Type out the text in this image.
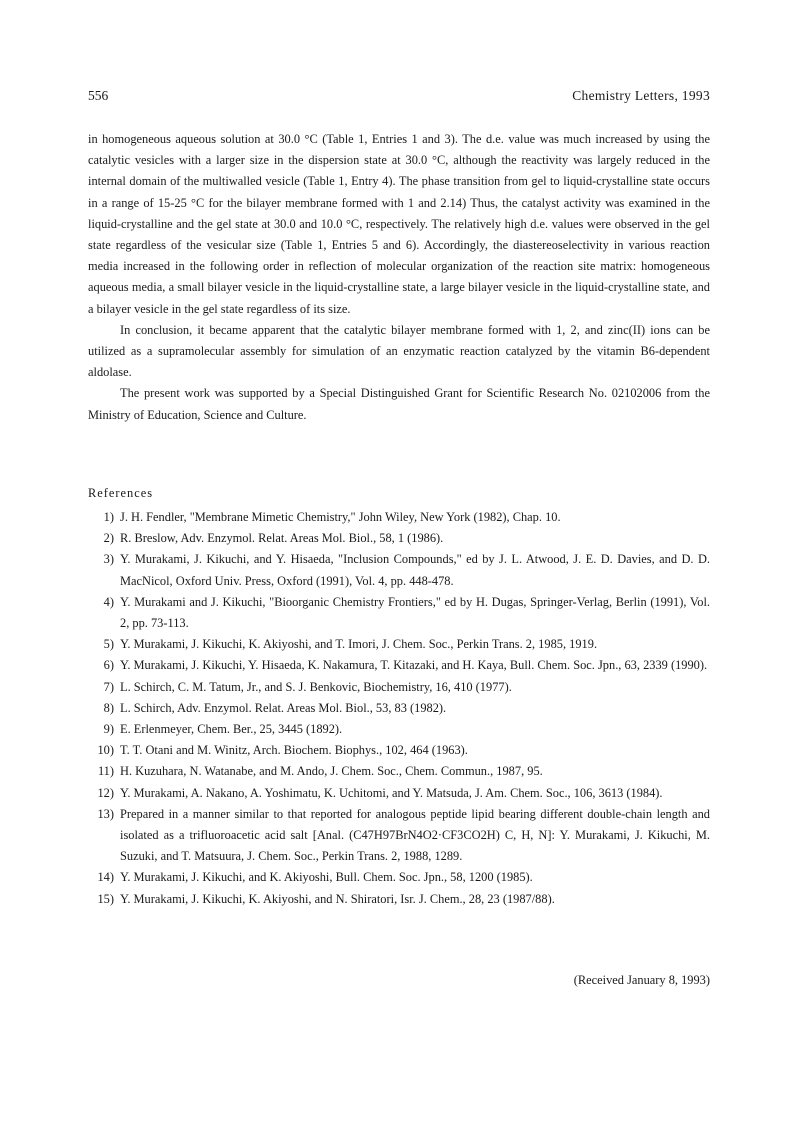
556	Chemistry Letters, 1993

in homogeneous aqueous solution at 30.0 °C (Table 1, Entries 1 and 3). The d.e. value was much increased by using the catalytic vesicles with a larger size in the dispersion state at 30.0 °C, although the reactivity was largely reduced in the internal domain of the multiwalled vesicle (Table 1, Entry 4). The phase transition from gel to liquid-crystalline state occurs in a range of 15-25 °C for the bilayer membrane formed with 1 and 2.14) Thus, the catalyst activity was examined in the liquid-crystalline and the gel state at 30.0 and 10.0 °C, respectively. The relatively high d.e. values were observed in the gel state regardless of the vesicular size (Table 1, Entries 5 and 6). Accordingly, the diastereoselectivity in various reaction media increased in the following order in reflection of molecular organization of the reaction site matrix: homogeneous aqueous media, a small bilayer vesicle in the liquid-crystalline state, a large bilayer vesicle in the liquid-crystalline state, and a bilayer vesicle in the gel state regardless of its size.

In conclusion, it became apparent that the catalytic bilayer membrane formed with 1, 2, and zinc(II) ions can be utilized as a supramolecular assembly for simulation of an enzymatic reaction catalyzed by the vitamin B6-dependent aldolase.

The present work was supported by a Special Distinguished Grant for Scientific Research No. 02102006 from the Ministry of Education, Science and Culture.

References
1) J. H. Fendler, "Membrane Mimetic Chemistry," John Wiley, New York (1982), Chap. 10.
2) R. Breslow, Adv. Enzymol. Relat. Areas Mol. Biol., 58, 1 (1986).
3) Y. Murakami, J. Kikuchi, and Y. Hisaeda, "Inclusion Compounds," ed by J. L. Atwood, J. E. D. Davies, and D. D. MacNicol, Oxford Univ. Press, Oxford (1991), Vol. 4, pp. 448-478.
4) Y. Murakami and J. Kikuchi, "Bioorganic Chemistry Frontiers," ed by H. Dugas, Springer-Verlag, Berlin (1991), Vol. 2, pp. 73-113.
5) Y. Murakami, J. Kikuchi, K. Akiyoshi, and T. Imori, J. Chem. Soc., Perkin Trans. 2, 1985, 1919.
6) Y. Murakami, J. Kikuchi, Y. Hisaeda, K. Nakamura, T. Kitazaki, and H. Kaya, Bull. Chem. Soc. Jpn., 63, 2339 (1990).
7) L. Schirch, C. M. Tatum, Jr., and S. J. Benkovic, Biochemistry, 16, 410 (1977).
8) L. Schirch, Adv. Enzymol. Relat. Areas Mol. Biol., 53, 83 (1982).
9) E. Erlenmeyer, Chem. Ber., 25, 3445 (1892).
10) T. T. Otani and M. Winitz, Arch. Biochem. Biophys., 102, 464 (1963).
11) H. Kuzuhara, N. Watanabe, and M. Ando, J. Chem. Soc., Chem. Commun., 1987, 95.
12) Y. Murakami, A. Nakano, A. Yoshimatu, K. Uchitomi, and Y. Matsuda, J. Am. Chem. Soc., 106, 3613 (1984).
13) Prepared in a manner similar to that reported for analogous peptide lipid bearing different double-chain length and isolated as a trifluoroacetic acid salt [Anal. (C47H97BrN4O2·CF3CO2H) C, H, N]: Y. Murakami, J. Kikuchi, M. Suzuki, and T. Matsuura, J. Chem. Soc., Perkin Trans. 2, 1988, 1289.
14) Y. Murakami, J. Kikuchi, and K. Akiyoshi, Bull. Chem. Soc. Jpn., 58, 1200 (1985).
15) Y. Murakami, J. Kikuchi, K. Akiyoshi, and N. Shiratori, Isr. J. Chem., 28, 23 (1987/88).
(Received January 8, 1993)
